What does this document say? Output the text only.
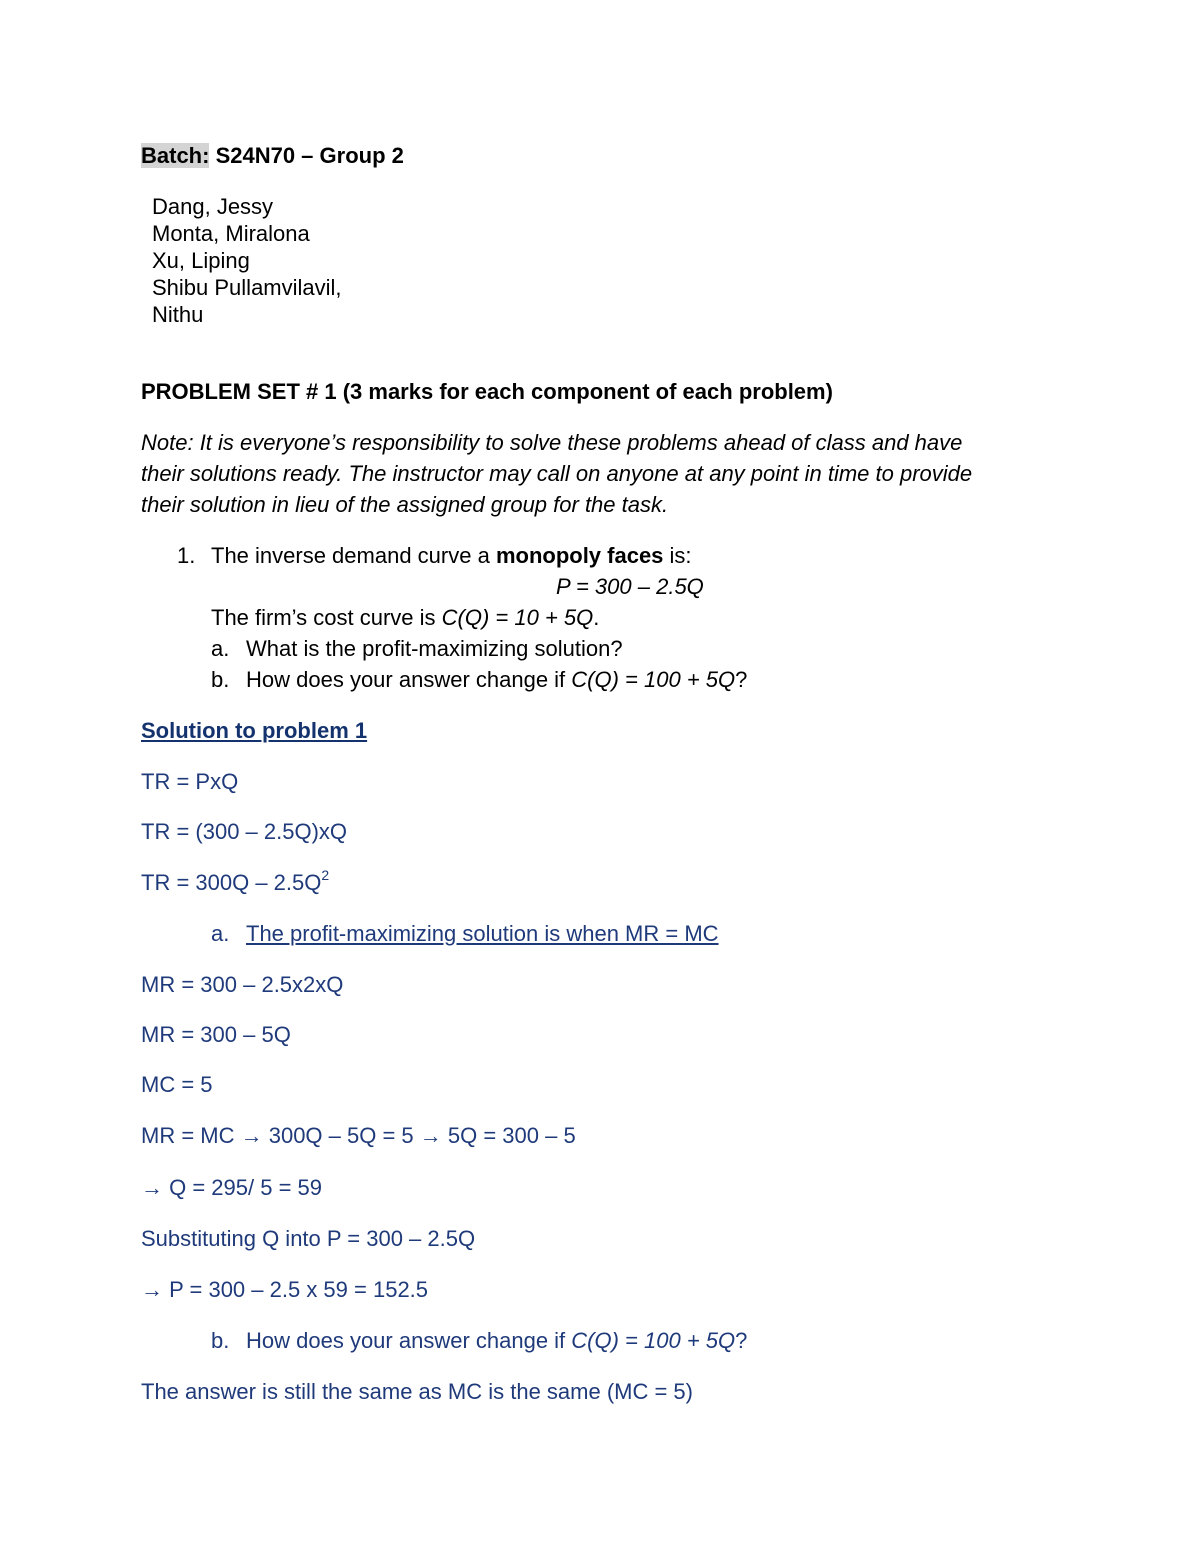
Batch: S24N70 – Group 2
Dang, Jessy
Monta, Miralona
Xu, Liping
Shibu Pullamvilavil,
Nithu
PROBLEM SET # 1 (3 marks for each component of each problem)
Note: It is everyone’s responsibility to solve these problems ahead of class and have
their solutions ready. The instructor may call on anyone at any point in time to provide
their solution in lieu of the assigned group for the task.
1. The inverse demand curve a monopoly faces is:
P = 300 – 2.5Q
The firm’s cost curve is C(Q) = 10 + 5Q.
a. What is the profit-maximizing solution?
b. How does your answer change if C(Q) = 100 + 5Q?
Solution to problem 1
TR = PxQ
TR = (300 – 2.5Q)xQ
TR = $300Q - 2.5Q^2$
a. The profit-maximizing solution is when MR = MC
MR = 300 – 2.5x2xQ
MR = 300 – 5Q
MC = 5
MR = MC → 300Q – 5Q = 5 → 5Q = 300 – 5
→ Q = 295/ 5 = 59
Substituting Q into P = 300 – 2.5Q
→ P = 300 – 2.5 x 59 = 152.5
b. How does your answer change if C(Q) = 100 + 5Q?
The answer is still the same as MC is the same (MC = 5)
